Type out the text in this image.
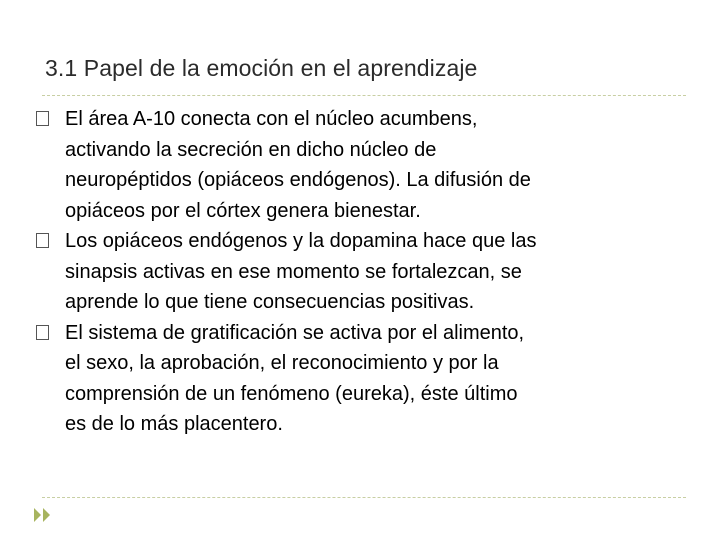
3.1 Papel de la emoción en el aprendizaje
El área A-10 conecta con el núcleo acumbens,
activando la secreción en dicho núcleo de
neuropéptidos (opiáceos endógenos). La difusión de
opiáceos por el córtex genera bienestar.
Los opiáceos endógenos y la dopamina hace que las
sinapsis activas en ese momento se fortalezcan, se
aprende lo que tiene consecuencias positivas.
El sistema de gratificación se activa por el alimento,
el sexo, la aprobación, el reconocimiento y por la
comprensión de un fenómeno (eureka), éste último
es de lo más placentero.
